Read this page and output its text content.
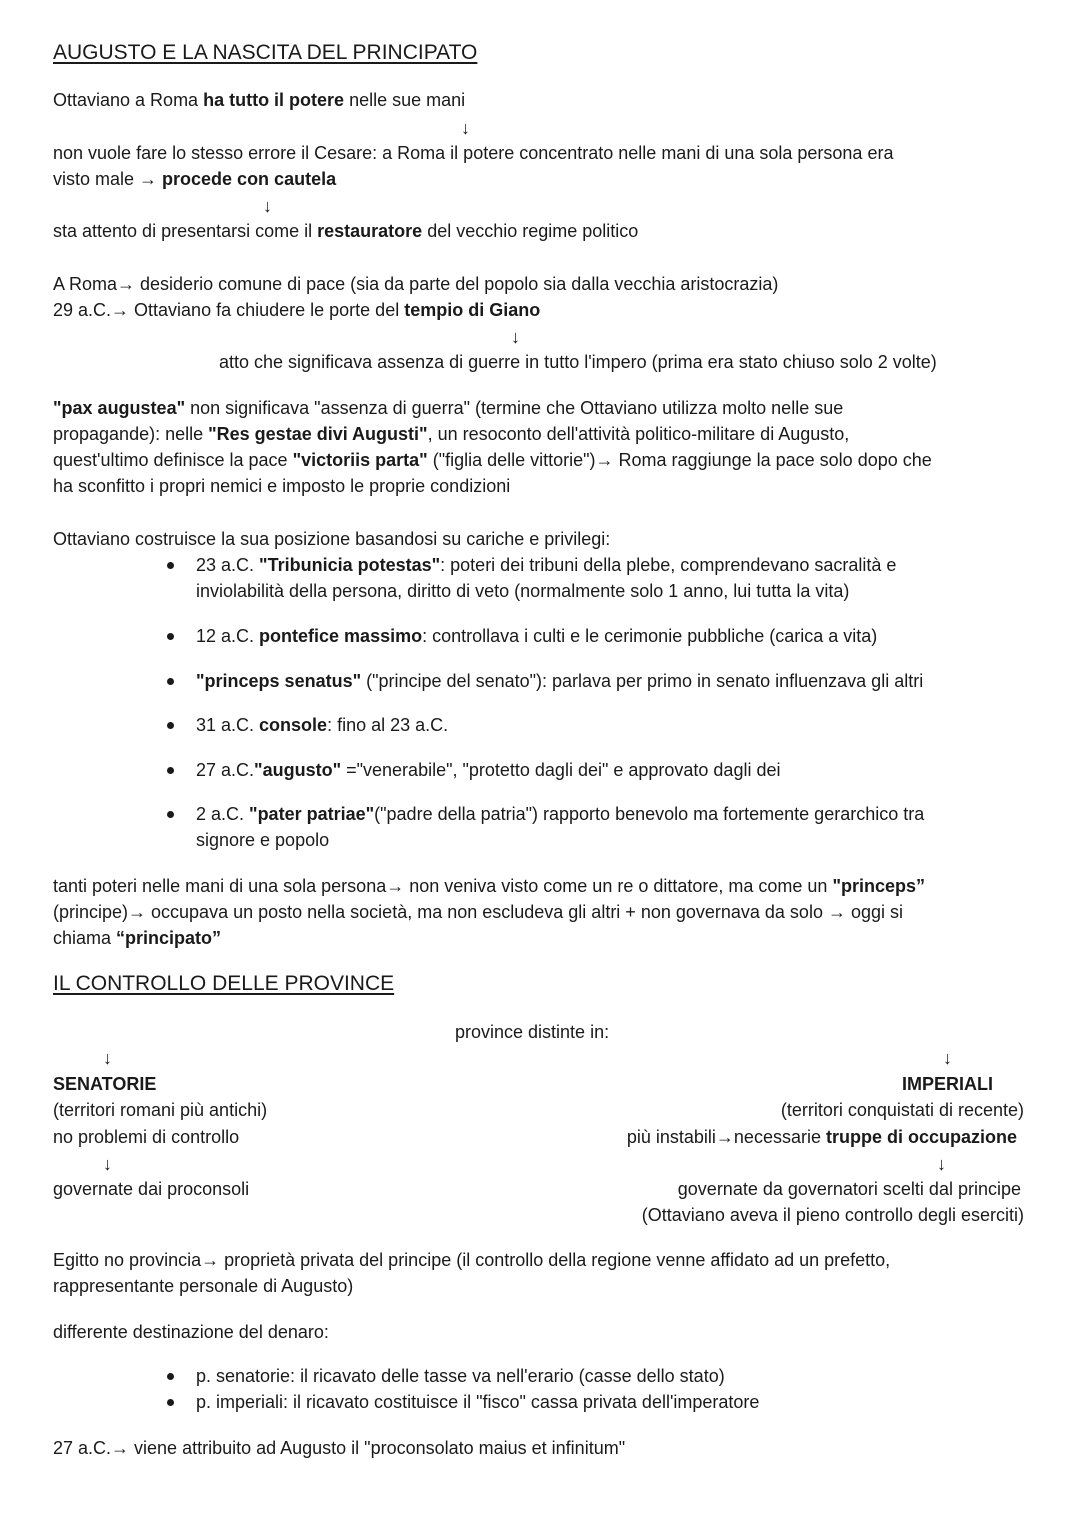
AUGUSTO E LA NASCITA DEL PRINCIPATO
Ottaviano a Roma ha tutto il potere nelle sue mani
↓
non vuole fare lo stesso errore il Cesare: a Roma il potere concentrato nelle mani di una sola persona era
visto male → procede con cautela
↓
sta attento di presentarsi come il restauratore del vecchio regime politico
A Roma→ desiderio comune di pace (sia da parte del popolo sia dalla vecchia aristocrazia)
29 a.C.→ Ottaviano fa chiudere le porte del tempio di Giano
↓
atto che significava assenza di guerre in tutto l'impero (prima era stato chiuso solo 2 volte)
"pax augustea" non significava "assenza di guerra" (termine che Ottaviano utilizza molto nelle sue
propagande): nelle "Res gestae divi Augusti", un resoconto dell'attività politico-militare di Augusto,
quest'ultimo definisce la pace "victoriis parta" ("figlia delle vittorie")→ Roma raggiunge la pace solo dopo che
ha sconfitto i propri nemici e imposto le proprie condizioni
Ottaviano costruisce la sua posizione basandosi su cariche e privilegi:
23 a.C. "Tribunicia potestas": poteri dei tribuni della plebe, comprendevano sacralità e
inviolabilità della persona, diritto di veto (normalmente solo 1 anno, lui tutta la vita)
12 a.C. pontefice massimo: controllava i culti e le cerimonie pubbliche (carica a vita)
"princeps senatus" ("principe del senato"): parlava per primo in senato influenzava gli altri
31 a.C. console: fino al 23 a.C.
27 a.C."augusto" ="venerabile", "protetto dagli dei" e approvato dagli dei
2 a.C. "pater patriae"("padre della patria") rapporto benevolo ma fortemente gerarchico tra
signore e popolo
tanti poteri nelle mani di una sola persona→ non veniva visto come un re o dittatore, ma come un "princeps”
(principe)→ occupava un posto nella società, ma non escludeva gli altri + non governava da solo → oggi si
chiama “principato”
IL CONTROLLO DELLE PROVINCE
province distinte in:
↓	↓
SENATORIE	IMPERIALI
(territori romani più antichi)	(territori conquistati di recente)
no problemi di controllo	più instabili→necessarie truppe di occupazione
↓	↓
governate dai proconsoli	governate da governatori scelti dal principe
(Ottaviano aveva il pieno controllo degli eserciti)
Egitto no provincia→ proprietà privata del principe (il controllo della regione venne affidato ad un prefetto,
rappresentante personale di Augusto)
differente destinazione del denaro:
p. senatorie: il ricavato delle tasse va nell'erario (casse dello stato)
p. imperiali: il ricavato costituisce il "fisco" cassa privata dell'imperatore
27 a.C.→ viene attribuito ad Augusto il "proconsolato maius et infinitum"
